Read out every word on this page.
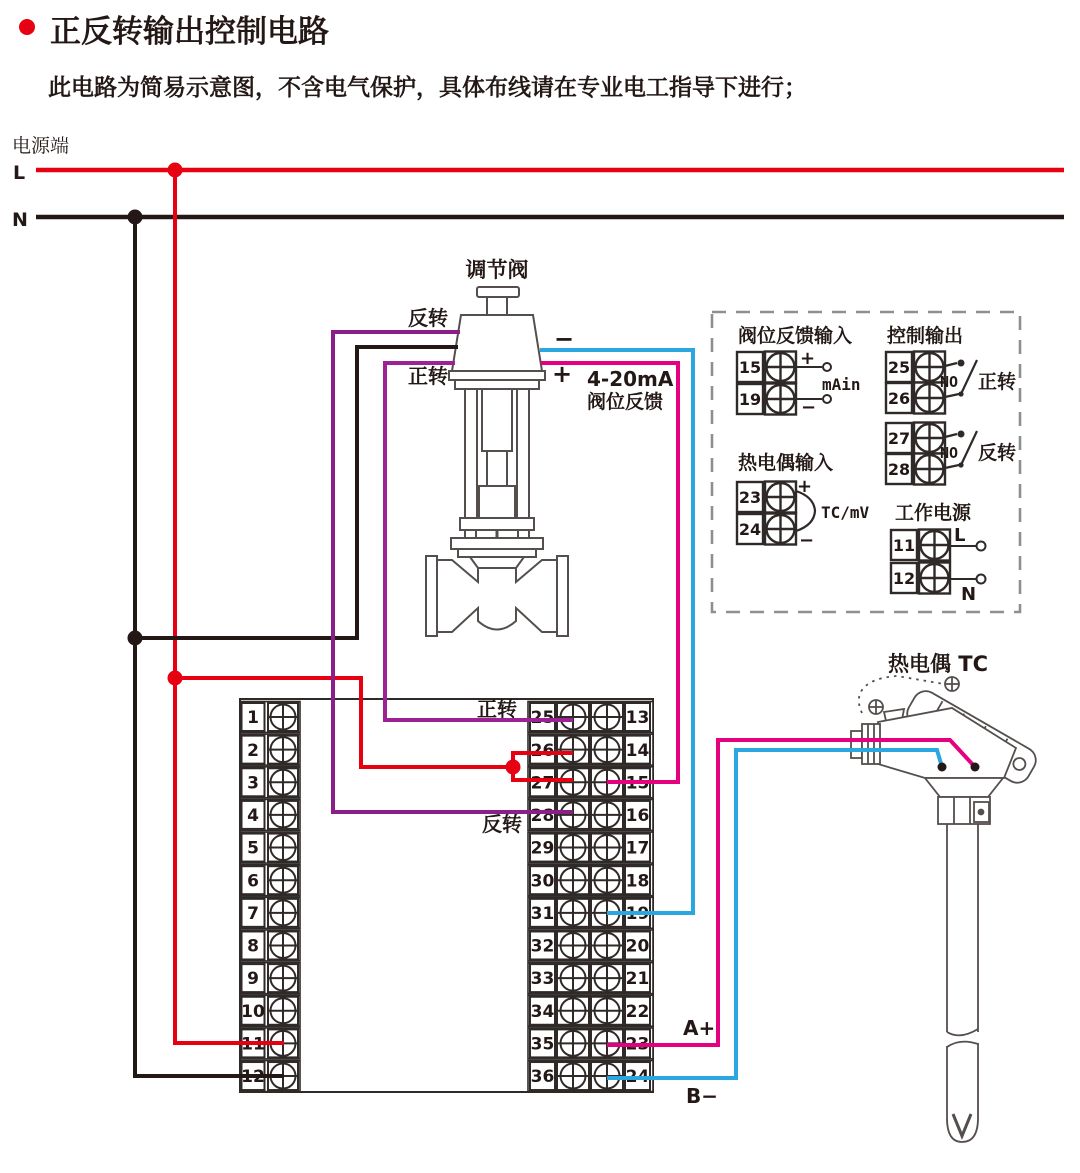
正反转输出控制电路
此电路为简易示意图，不含电气保护，具体布线请在专业电工指导下进行；
电源端
L
N
调节阀
反转
正转
−
+ 4-20mA
阀位反馈
15
19
23
24
25
26
27
28
11
12
阀位反馈输入
+
mAin
−
热电偶输入
+
TC/mV
−
控制输出
NO 正转
NO 反转
工作电源
L
N
1	25	13
2	26	14
3	27	15
4	28	16
5	29	17
6	30	18
7	31	19
8	32	20
9	33	21
10	34	22
11	35	23
12	36	24
正转
反转
A+
B−
热电偶 TC
